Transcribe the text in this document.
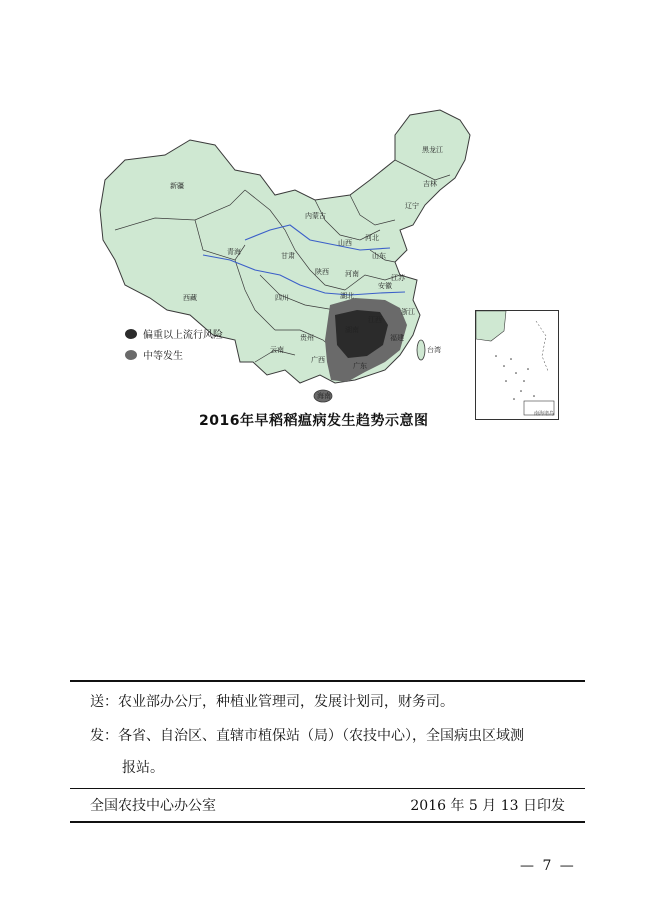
新疆
西藏
青海	甘肃
内蒙古
黑龙江
吉林
辽宁
河北
山西
山东
河南
陕西
四川	湖北
安徽
江苏
浙江
江西
湖南
福建
贵州
云南
广西
广东
台湾
海南
偏重以上流行风险
中等发生
南海诸岛
2016年早稻稻瘟病发生趋势示意图
送：农业部办公厅，种植业管理司，发展计划司，财务司。
发：各省、自治区、直辖市植保站（局）（农技中心），全国病虫区域测
报站。
全国农技中心办公室	2016 年 5 月 13 日印发
— 7 —
